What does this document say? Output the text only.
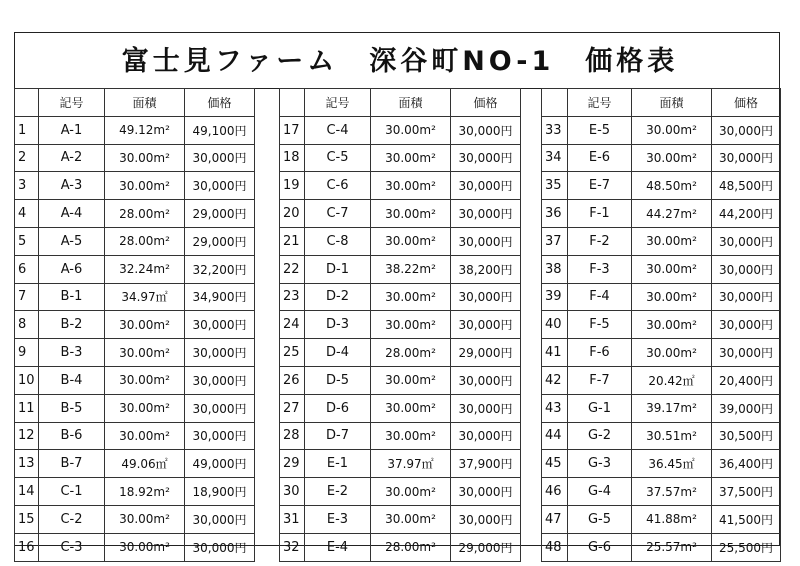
富士見ファーム　深谷町NO-1　価格表
	記号	面積	価格
1	A-1	49.12m²	49,100円
2	A-2	30.00m²	30,000円
3	A-3	30.00m²	30,000円
4	A-4	28.00m²	29,000円
5	A-5	28.00m²	29,000円
6	A-6	32.24m²	32,200円
7	B-1	34.97㎡	34,900円
8	B-2	30.00m²	30,000円
9	B-3	30.00m²	30,000円
10	B-4	30.00m²	30,000円
11	B-5	30.00m²	30,000円
12	B-6	30.00m²	30,000円
13	B-7	49.06㎡	49,000円
14	C-1	18.92m²	18,900円
15	C-2	30.00m²	30,000円
16	C-3	30.00m²	30,000円
	記号	面積	価格
17	C-4	30.00m²	30,000円
18	C-5	30.00m²	30,000円
19	C-6	30.00m²	30,000円
20	C-7	30.00m²	30,000円
21	C-8	30.00m²	30,000円
22	D-1	38.22m²	38,200円
23	D-2	30.00m²	30,000円
24	D-3	30.00m²	30,000円
25	D-4	28.00m²	29,000円
26	D-5	30.00m²	30,000円
27	D-6	30.00m²	30,000円
28	D-7	30.00m²	30,000円
29	E-1	37.97㎡	37,900円
30	E-2	30.00m²	30,000円
31	E-3	30.00m²	30,000円
32	E-4	28.00m²	29,000円
	記号	面積	価格
33	E-5	30.00m²	30,000円
34	E-6	30.00m²	30,000円
35	E-7	48.50m²	48,500円
36	F-1	44.27m²	44,200円
37	F-2	30.00m²	30,000円
38	F-3	30.00m²	30,000円
39	F-4	30.00m²	30,000円
40	F-5	30.00m²	30,000円
41	F-6	30.00m²	30,000円
42	F-7	20.42㎡	20,400円
43	G-1	39.17m²	39,000円
44	G-2	30.51m²	30,500円
45	G-3	36.45㎡	36,400円
46	G-4	37.57m²	37,500円
47	G-5	41.88m²	41,500円
48	G-6	25.57m²	25,500円
